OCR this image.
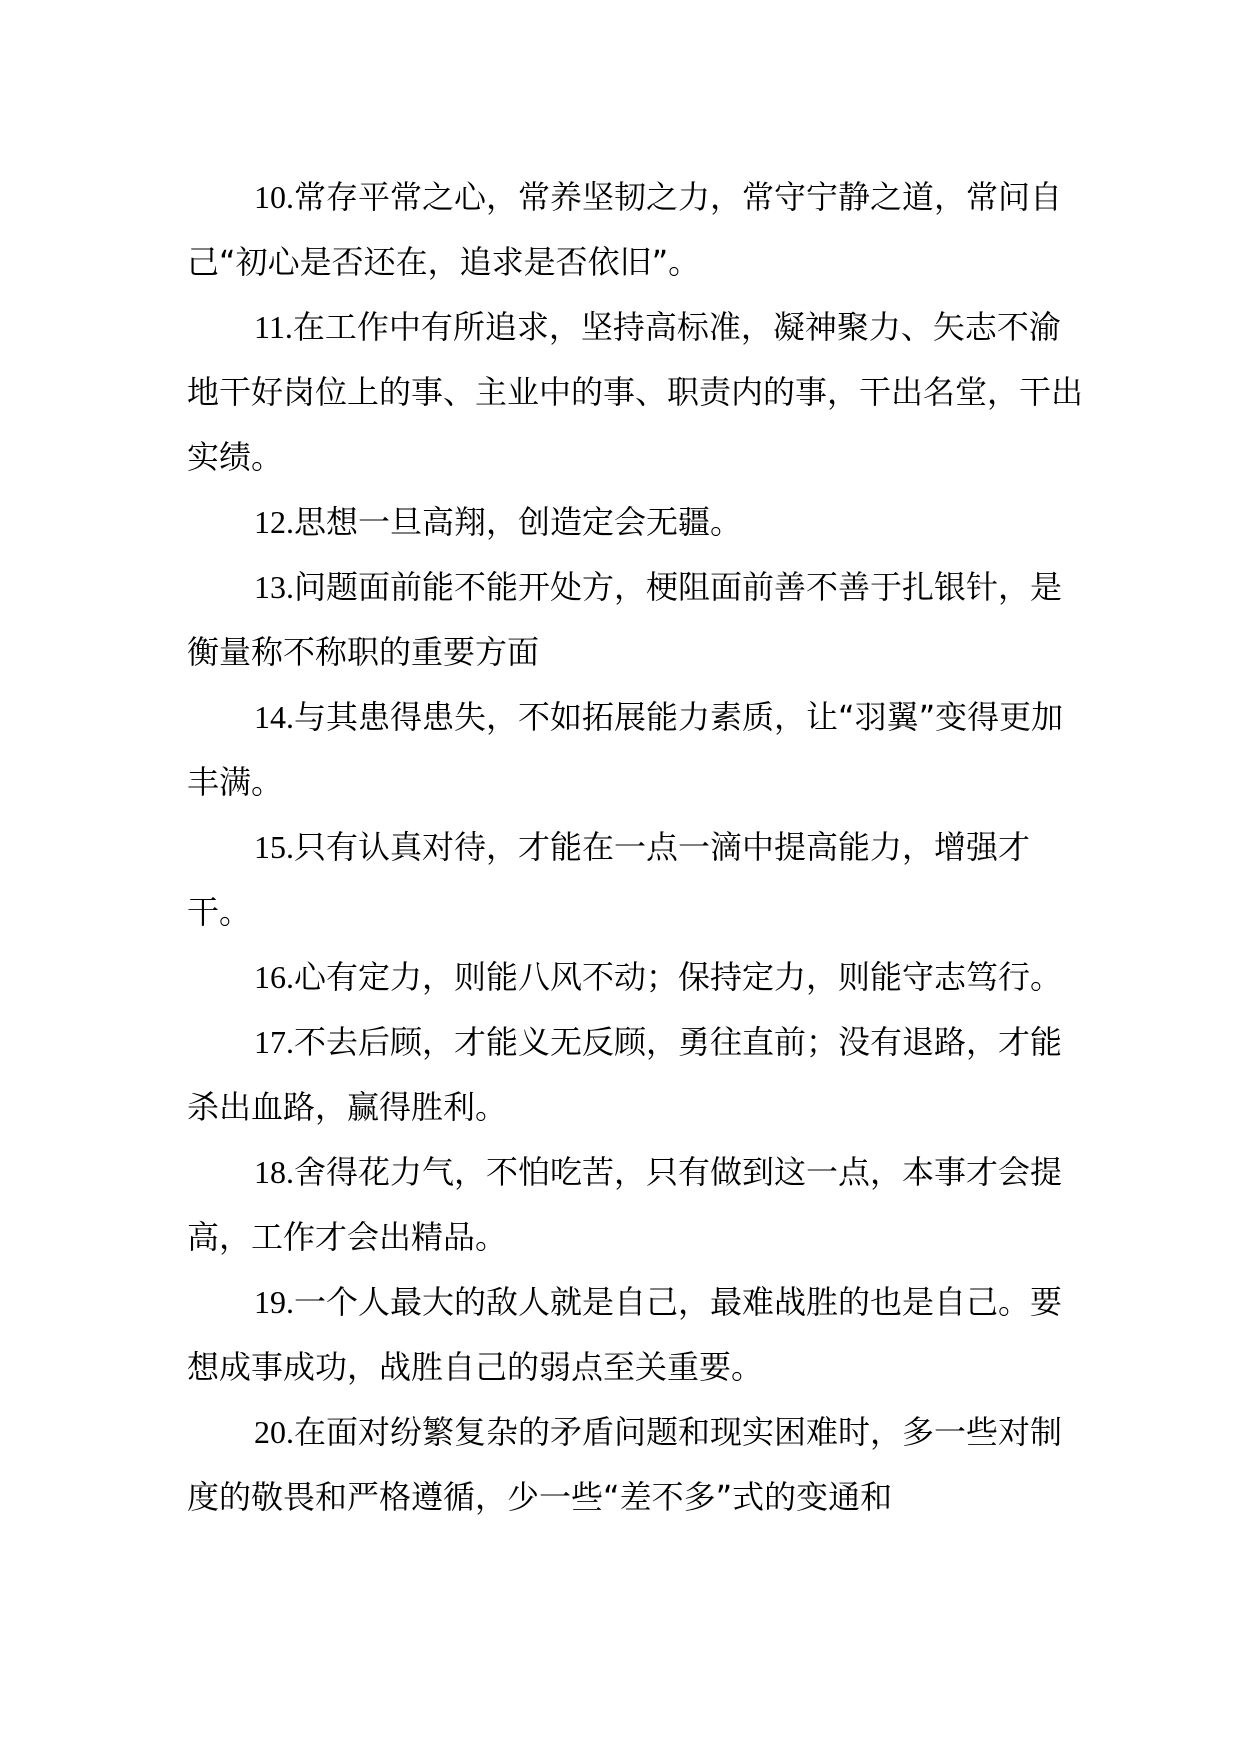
10.常存平常之心，常养坚韧之力，常守宁静之道，常问自己“初心是否还在，追求是否依旧”。

11.在工作中有所追求，坚持高标准，凝神聚力、矢志不渝地干好岗位上的事、主业中的事、职责内的事，干出名堂，干出实绩。

12.思想一旦高翔，创造定会无疆。

13.问题面前能不能开处方，梗阻面前善不善于扎银针，是衡量称不称职的重要方面

14.与其患得患失，不如拓展能力素质，让“羽翼”变得更加丰满。

15.只有认真对待，才能在一点一滴中提高能力，增强才干。

16.心有定力，则能八风不动；保持定力，则能守志笃行。

17.不去后顾，才能义无反顾，勇往直前；没有退路，才能杀出血路，赢得胜利。

18.舍得花力气，不怕吃苦，只有做到这一点，本事才会提高，工作才会出精品。

19.一个人最大的敌人就是自己，最难战胜的也是自己。要想成事成功，战胜自己的弱点至关重要。

20.在面对纷繁复杂的矛盾问题和现实困难时，多一些对制度的敬畏和严格遵循，少一些“差不多”式的变通和
